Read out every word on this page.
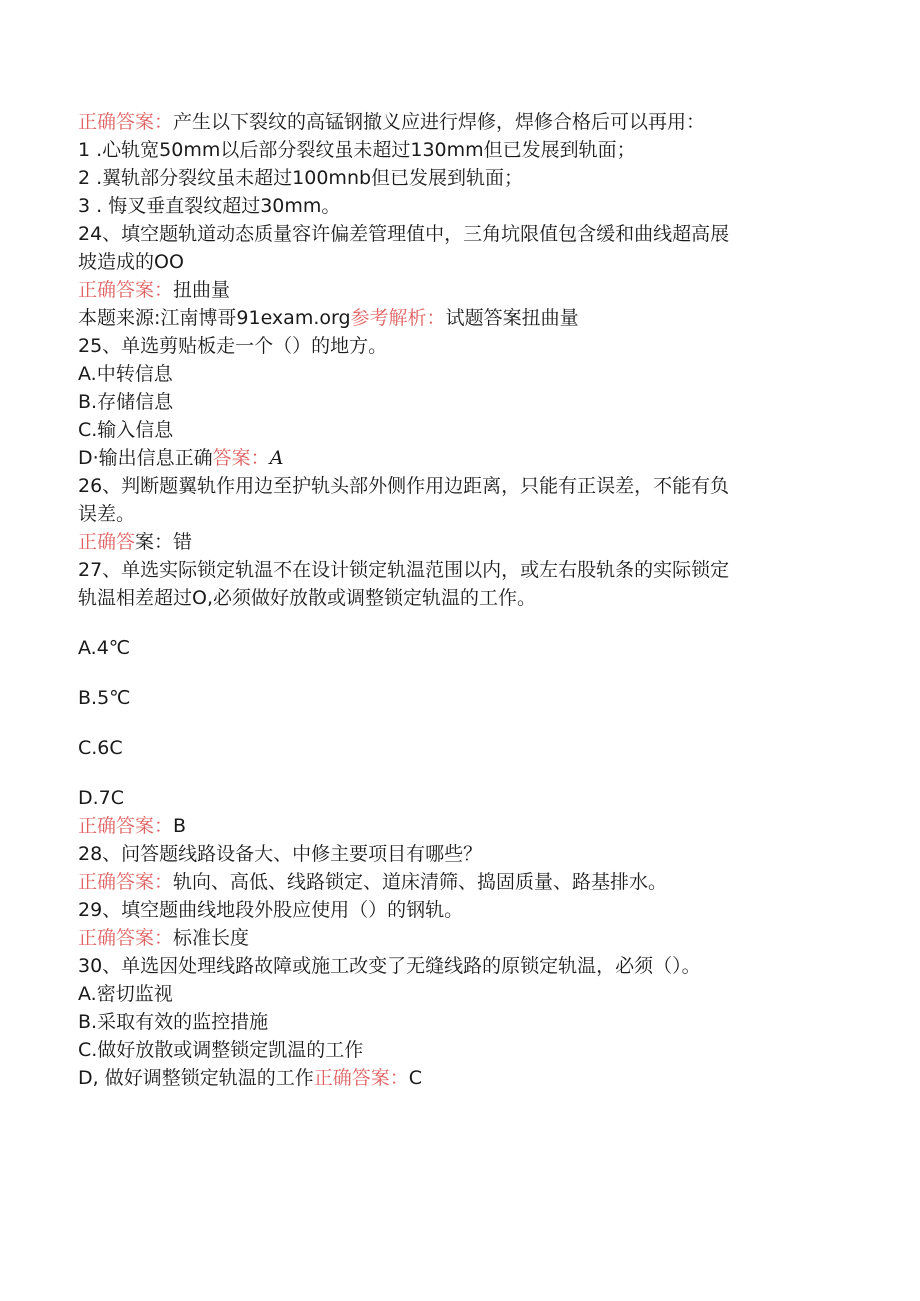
正确答案：产生以下裂纹的高锰钢撤义应进行焊修，焊修合格后可以再用：
1 .心轨宽50mm以后部分裂纹虽未超过130mm但已发展到轨面；
2 .翼轨部分裂纹虽未超过100mnb但已发展到轨面；
3 . 悔叉垂直裂纹超过30mm。
24、填空题轨道动态质量容许偏差管理值中，三角坑限值包含缓和曲线超高展
坡造成的OO
正确答案：扭曲量
本题来源:江南博哥91exam.org参考解析：试题答案扭曲量
25、单选剪贴板走一个（）的地方。
A.中转信息
B.存储信息
C.输入信息
D·输出信息正确答案：A
26、判断题翼轨作用边至护轨头部外侧作用边距离，只能有正误差，不能有负
误差。
正确答案：错
27、单选实际锁定轨温不在设计锁定轨温范围以内，或左右股轨条的实际锁定
轨温相差超过O,必须做好放散或调整锁定轨温的工作。
A.4℃
B.5℃
C.6C
D.7C
正确答案：B
28、问答题线路设备大、中修主要项目有哪些？
正确答案：轨向、高低、线路锁定、道床清筛、捣固质量、路基排水。
29、填空题曲线地段外股应使用（）的钢轨。
正确答案：标准长度
30、单选因处理线路故障或施工改变了无缝线路的原锁定轨温，必须（）。
A.密切监视
B.采取有效的监控措施
C.做好放散或调整锁定凯温的工作
D, 做好调整锁定轨温的工作正确答案：C
